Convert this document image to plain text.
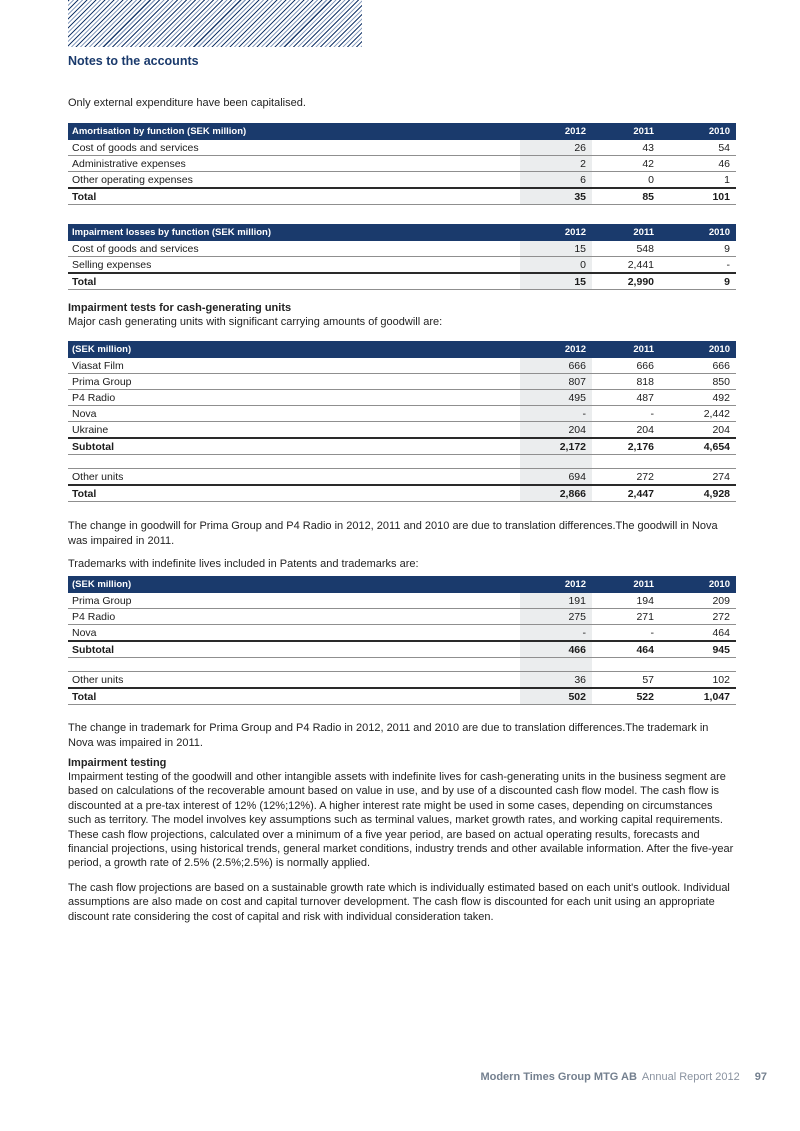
Notes to the accounts
Only external expenditure have been capitalised.
Amortisation by function (SEK million)	2012	2011	2010
Cost of goods and services	26	43	54
Administrative expenses	2	42	46
Other operating expenses	6	0	1
Total	35	85	101
Impairment losses by function (SEK million)	2012	2011	2010
Cost of goods and services	15	548	9
Selling expenses	0	2,441	-
Total	15	2,990	9
Impairment tests for cash-generating units
Major cash generating units with significant carrying amounts of goodwill are:
(SEK million)	2012	2011	2010
Viasat Film	666	666	666
Prima Group	807	818	850
P4 Radio	495	487	492
Nova	-	-	2,442
Ukraine	204	204	204
Subtotal	2,172	2,176	4,654

Other units	694	272	274
Total	2,866	2,447	4,928
The change in goodwill for Prima Group and P4 Radio in 2012, 2011 and 2010 are due to translation differences.The goodwill in Nova was impaired in 2011.
Trademarks with indefinite lives included in Patents and trademarks are:
(SEK million)	2012	2011	2010
Prima Group	191	194	209
P4 Radio	275	271	272
Nova	-	-	464
Subtotal	466	464	945

Other units	36	57	102
Total	502	522	1,047
The change in trademark for Prima Group and P4 Radio in 2012, 2011 and 2010 are due to translation differences.The trademark in Nova was impaired in 2011.
Impairment testing
Impairment testing of the goodwill and other intangible assets with indefinite lives for cash-generating units in the business segment are based on calculations of the recoverable amount based on value in use, and by use of a discounted cash flow model. The cash flow is discounted at a pre-tax interest of 12% (12%;12%). A higher interest rate might be used in some cases, depending on circumstances such as territory. The model involves key assumptions such as terminal values, market growth rates, and working capital requirements. These cash flow projections, calculated over a minimum of a five year period, are based on actual operating results, forecasts and financial projections, using historical trends, general market conditions, industry trends and other available information. After the five-year period, a growth rate of 2.5% (2.5%;2.5%) is normally applied.
The cash flow projections are based on a sustainable growth rate which is individually estimated based on each unit's outlook. Individual assumptions are also made on cost and capital turnover development. The cash flow is discounted for each unit using an appropriate discount rate considering the cost of capital and risk with individual consideration taken.
Modern Times Group MTG AB Annual Report 2012 97
